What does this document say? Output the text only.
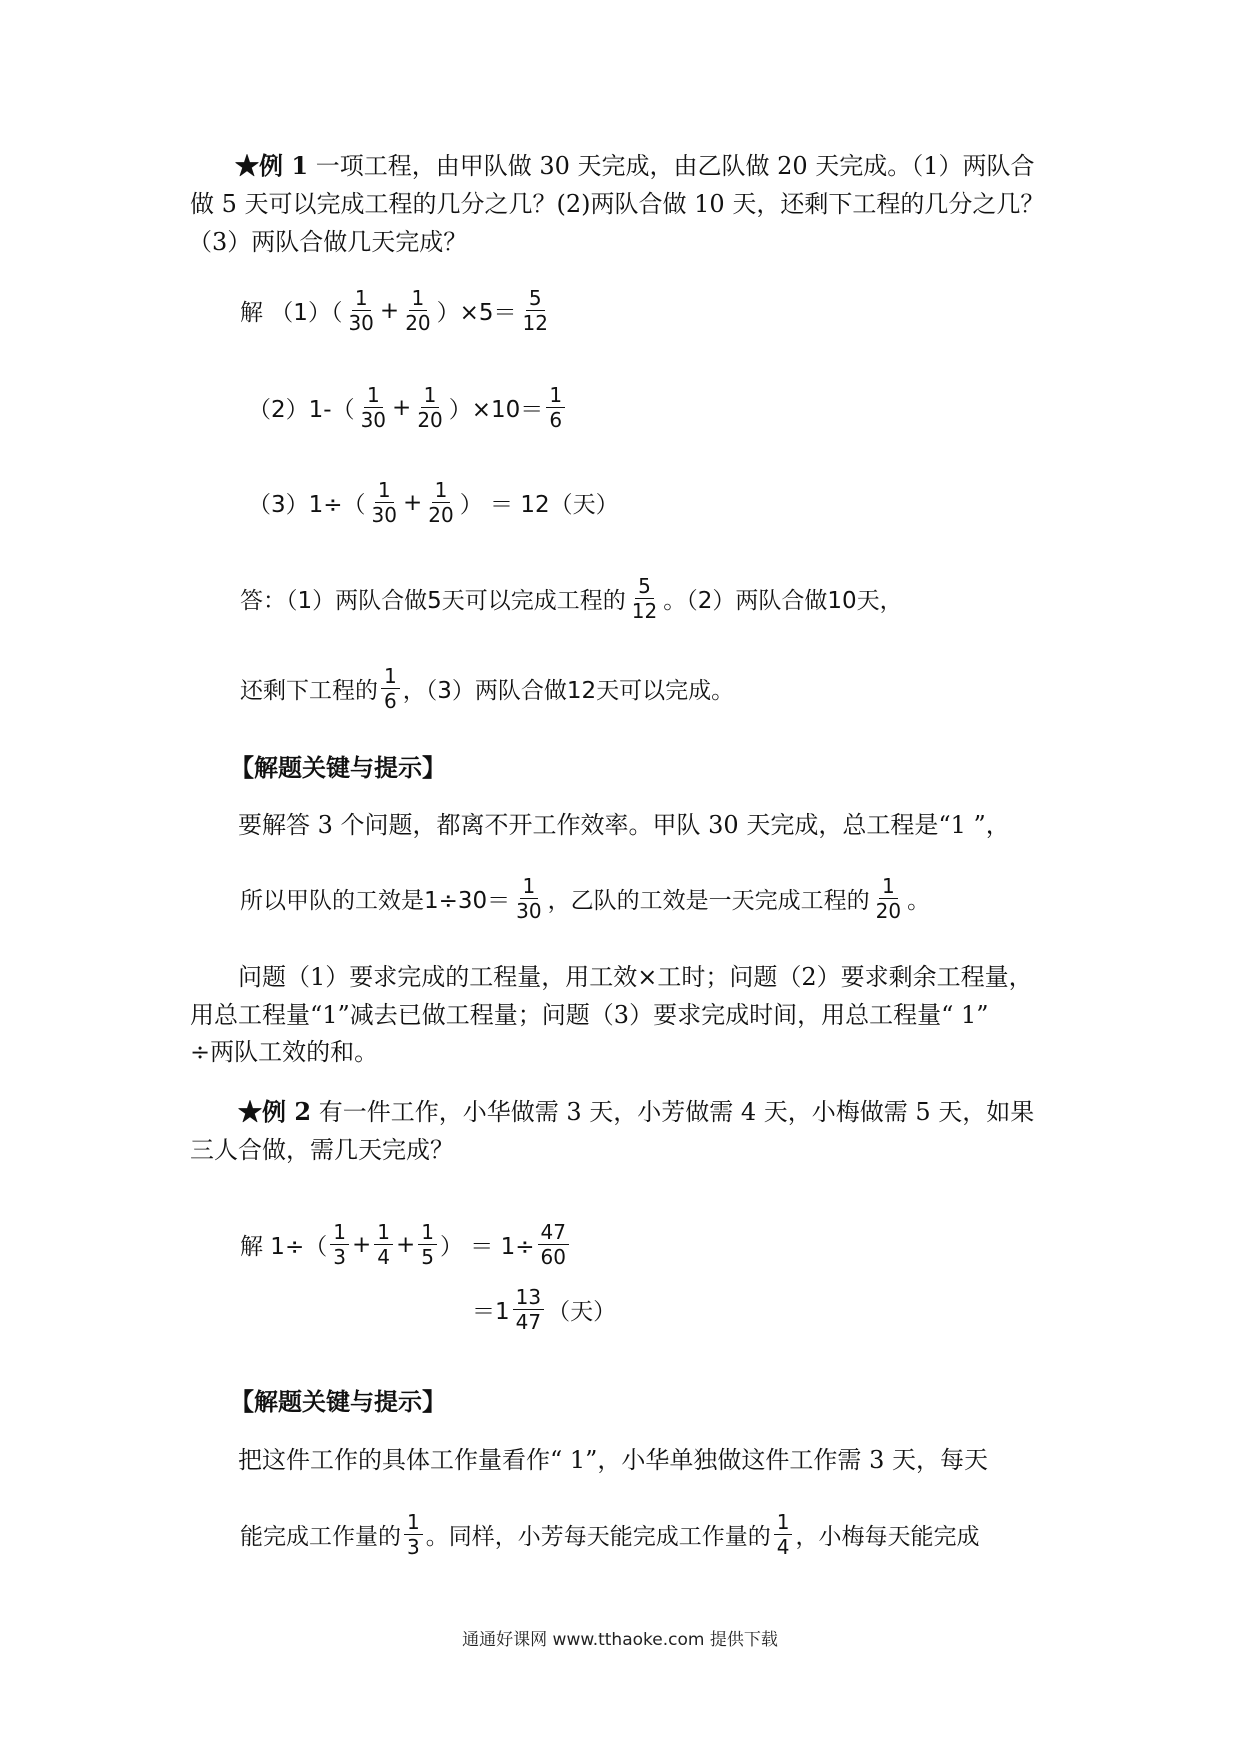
★例 1 一项工程，由甲队做 30 天完成，由乙队做 20 天完成。（1）两队合
做 5 天可以完成工程的几分之几？(2)两队合做 10 天，还剩下工程的几分之几？
（3）两队合做几天完成？
解 $(1)( \frac{1}{30} + \frac{1}{20} )\times 5= \frac{5}{12}$
$(2)1-( \frac{1}{30} + \frac{1}{20} )\times 10= \frac{1}{6}$
$(3)1\div( \frac{1}{30} + \frac{1}{20}$ ） ＝ 12（天）
答：（1）两队合做5天可以完成工程的 $\frac{5}{12}$ 。（2）两队合做10天，
还剩下工程的 $\frac{1}{6}$ ，（3）两队合做12天可以完成。
【解题关键与提示】
要解答 3 个问题，都离不开工作效率。甲队 30 天完成，总工程是“1 ”，
所以甲队的工效是$1\div 30= \frac{1}{30}$ ，乙队的工效是一天完成工程的 $\frac{1}{20}$ 。
问题（1）要求完成的工程量，用工效×工时；问题（2）要求剩余工程量，
用总工程量“1”减去已做工程量；问题（3）要求完成时间，用总工程量“ 1”
÷两队工效的和。
★例 2 有一件工作，小华做需 3 天，小芳做需 4 天，小梅做需 5 天，如果
三人合做，需几天完成？
解 $1\div( \frac{1}{3} + \frac{1}{4} + \frac{1}{5}$ ） ＝ $1\div \frac{47}{60}$
$=1 \frac{13}{47}$ （天）
【解题关键与提示】
把这件工作的具体工作量看作“ 1”，小华单独做这件工作需 3 天，每天
能完成工作量的 $\frac{1}{3}$ 。同样，小芳每天能完成工作量的 $\frac{1}{4}$ ，小梅每天能完成
通通好课网 www.tthaoke.com 提供下载
